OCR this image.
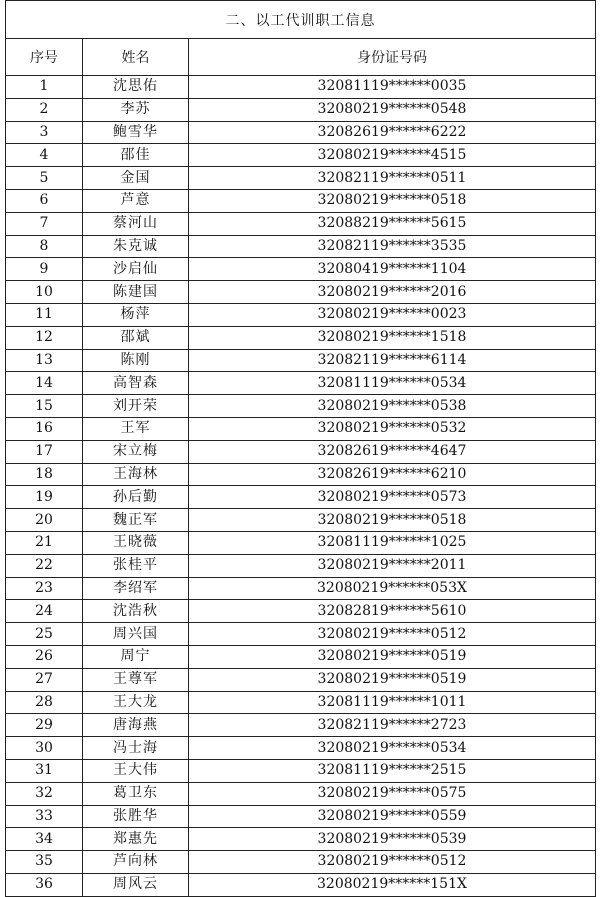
二、以工代训职工信息		
序号	姓名	身份证号码
1	沈思佑	32081119******0035
2	李苏	32080219******0548
3	鲍雪华	32082619******6222
4	邵佳	32080219******4515
5	金国	32082119******0511
6	芦意	32080219******0518
7	蔡河山	32088219******5615
8	朱克诚	32082119******3535
9	沙启仙	32080419******1104
10	陈建国	32080219******2016
11	杨萍	32080219******0023
12	邵斌	32080219******1518
13	陈刚	32082119******6114
14	高智森	32081119******0534
15	刘开荣	32080219******0538
16	王军	32080219******0532
17	宋立梅	32082619******4647
18	王海林	32082619******6210
19	孙后勤	32080219******0573
20	魏正军	32080219******0518
21	王晓薇	32081119******1025
22	张桂平	32080219******2011
23	李绍军	32080219******053X
24	沈浩秋	32082819******5610
25	周兴国	32080219******0512
26	周宁	32080219******0519
27	王尊军	32080219******0519
28	王大龙	32081119******1011
29	唐海燕	32082119******2723
30	冯士海	32080219******0534
31	王大伟	32081119******2515
32	葛卫东	32080219******0575
33	张胜华	32080219******0559
34	郑惠先	32080219******0539
35	芦向林	32080219******0512
36	周风云	32080219******151X
